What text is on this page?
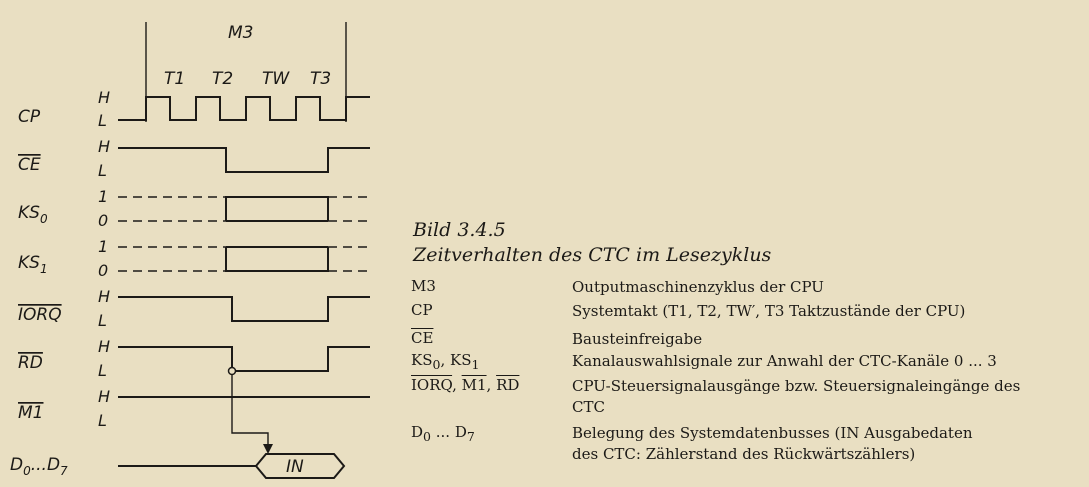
M3
T1 T2 TW T3
CP
H
L
CE
H
L
$KS_0$
1
0
$KS_1$
1
0
IORQ
H
L
RD
H
L
M1
H
L
$D_0...D_7$	IN
Bild 3.4.5
Zeitverhalten des CTC im Lesezyklus
M3	Outputmaschinenzyklus der CPU
CP	Systemtakt (T1, T2, TW′, T3 Taktzustände der CPU)
$\overline{CE}$	Bausteinfreigabe
$KS_0$, $KS_1$	Kanalauswahlsignale zur Anwahl der CTC-Kanäle 0 ... 3
IORQ, M1, $\overline{RD}$	CPU-Steuersignalausgänge bzw. Steuersignaleingänge des CTC
$D_0$ ... $D_7$	Belegung des Systemdatenbusses (IN Ausgabedaten des CTC: Zählerstand des Rückwärtszählers)
